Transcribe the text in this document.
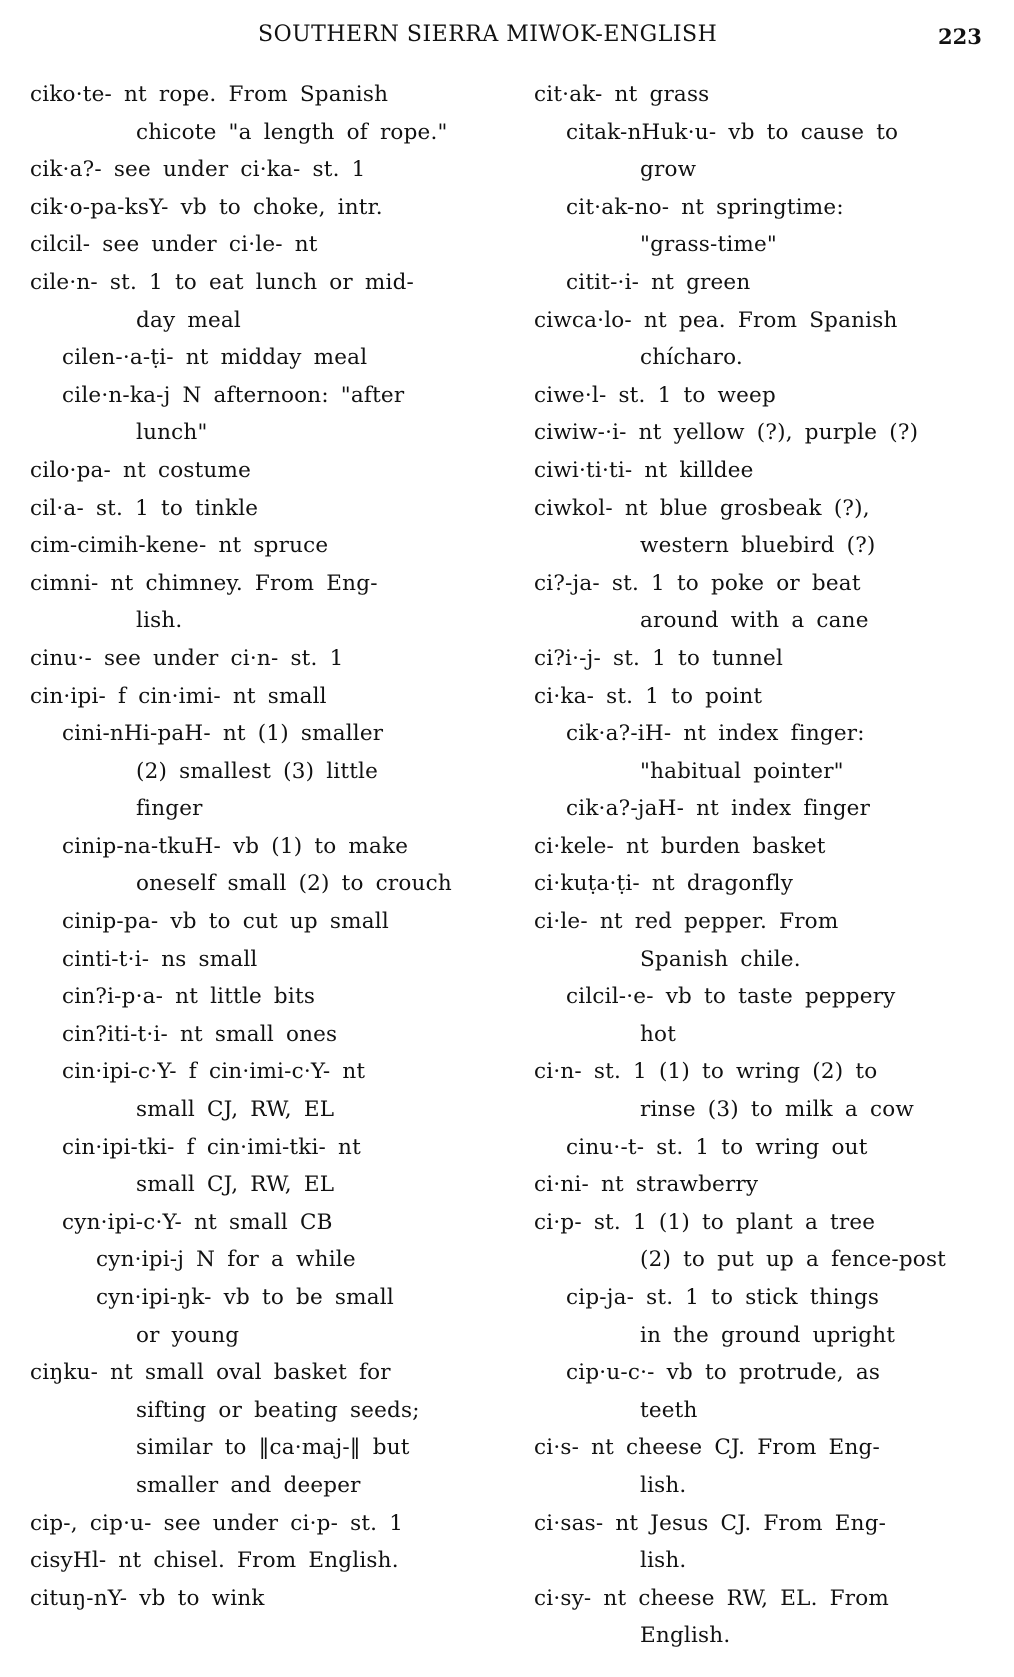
SOUTHERN SIERRA MIWOK-ENGLISH	223
ciko·te- nt rope. From Spanish
chicote "a length of rope."
cik·a?- see under ci·ka- st. 1
cik·o-pa-ksY- vb to choke, intr.
cilcil- see under ci·le- nt
cile·n- st. 1 to eat lunch or mid-
day meal
cilen-·a-ṭi- nt midday meal
cile·n-ka-j N afternoon: "after
lunch"
cilo·pa- nt costume
cil·a- st. 1 to tinkle
cim-cimih-kene- nt spruce
cimni- nt chimney. From Eng-
lish.
cinu·- see under ci·n- st. 1
cin·ipi- f cin·imi- nt small
cini-nHi-paH- nt (1) smaller
(2) smallest (3) little
finger
cinip-na-tkuH- vb (1) to make
oneself small (2) to crouch
cinip-pa- vb to cut up small
cinti-t·i- ns small
cin?i-p·a- nt little bits
cin?iti-t·i- nt small ones
cin·ipi-c·Y- f cin·imi-c·Y- nt
small CJ, RW, EL
cin·ipi-tki- f cin·imi-tki- nt
small CJ, RW, EL
cyn·ipi-c·Y- nt small CB
cyn·ipi-j N for a while
cyn·ipi-ŋk- vb to be small
or young
ciŋku- nt small oval basket for
sifting or beating seeds;
similar to ‖ca·maj-‖ but
smaller and deeper
cip-, cip·u- see under ci·p- st. 1
cisyHl- nt chisel. From English.
cituŋ-nY- vb to wink
cit·ak- nt grass
citak-nHuk·u- vb to cause to
grow
cit·ak-no- nt springtime:
"grass-time"
citit-·i- nt green
ciwca·lo- nt pea. From Spanish
chícharo.
ciwe·l- st. 1 to weep
ciwiw-·i- nt yellow (?), purple (?)
ciwi·ti·ti- nt killdee
ciwkol- nt blue grosbeak (?),
western bluebird (?)
ci?-ja- st. 1 to poke or beat
around with a cane
ci?i·-j- st. 1 to tunnel
ci·ka- st. 1 to point
cik·a?-iH- nt index finger:
"habitual pointer"
cik·a?-jaH- nt index finger
ci·kele- nt burden basket
ci·kuṭa·ṭi- nt dragonfly
ci·le- nt red pepper. From
Spanish chile.
cilcil-·e- vb to taste peppery
hot
ci·n- st. 1 (1) to wring (2) to
rinse (3) to milk a cow
cinu·-t- st. 1 to wring out
ci·ni- nt strawberry
ci·p- st. 1 (1) to plant a tree
(2) to put up a fence-post
cip-ja- st. 1 to stick things
in the ground upright
cip·u-c·- vb to protrude, as
teeth
ci·s- nt cheese CJ. From Eng-
lish.
ci·sas- nt Jesus CJ. From Eng-
lish.
ci·sy- nt cheese RW, EL. From
English.
